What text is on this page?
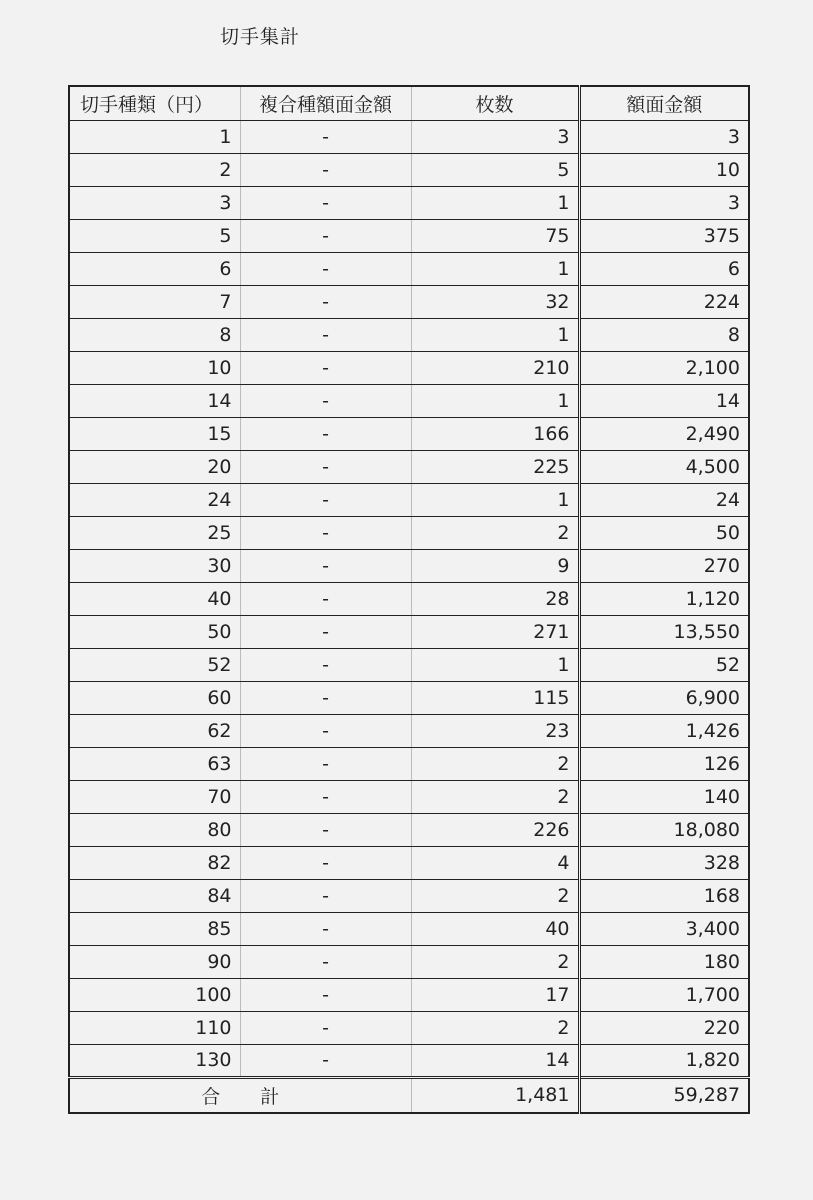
切手集計
切手種類（円）	複合種額面金額	枚数	額面金額
1	-	3	3
2	-	5	10
3	-	1	3
5	-	75	375
6	-	1	6
7	-	32	224
8	-	1	8
10	-	210	2,100
14	-	1	14
15	-	166	2,490
20	-	225	4,500
24	-	1	24
25	-	2	50
30	-	9	270
40	-	28	1,120
50	-	271	13,550
52	-	1	52
60	-	115	6,900
62	-	23	1,426
63	-	2	126
70	-	2	140
80	-	226	18,080
82	-	4	328
84	-	2	168
85	-	40	3,400
90	-	2	180
100	-	17	1,700
110	-	2	220
130	-	14	1,820
合計		1,481	59,287
